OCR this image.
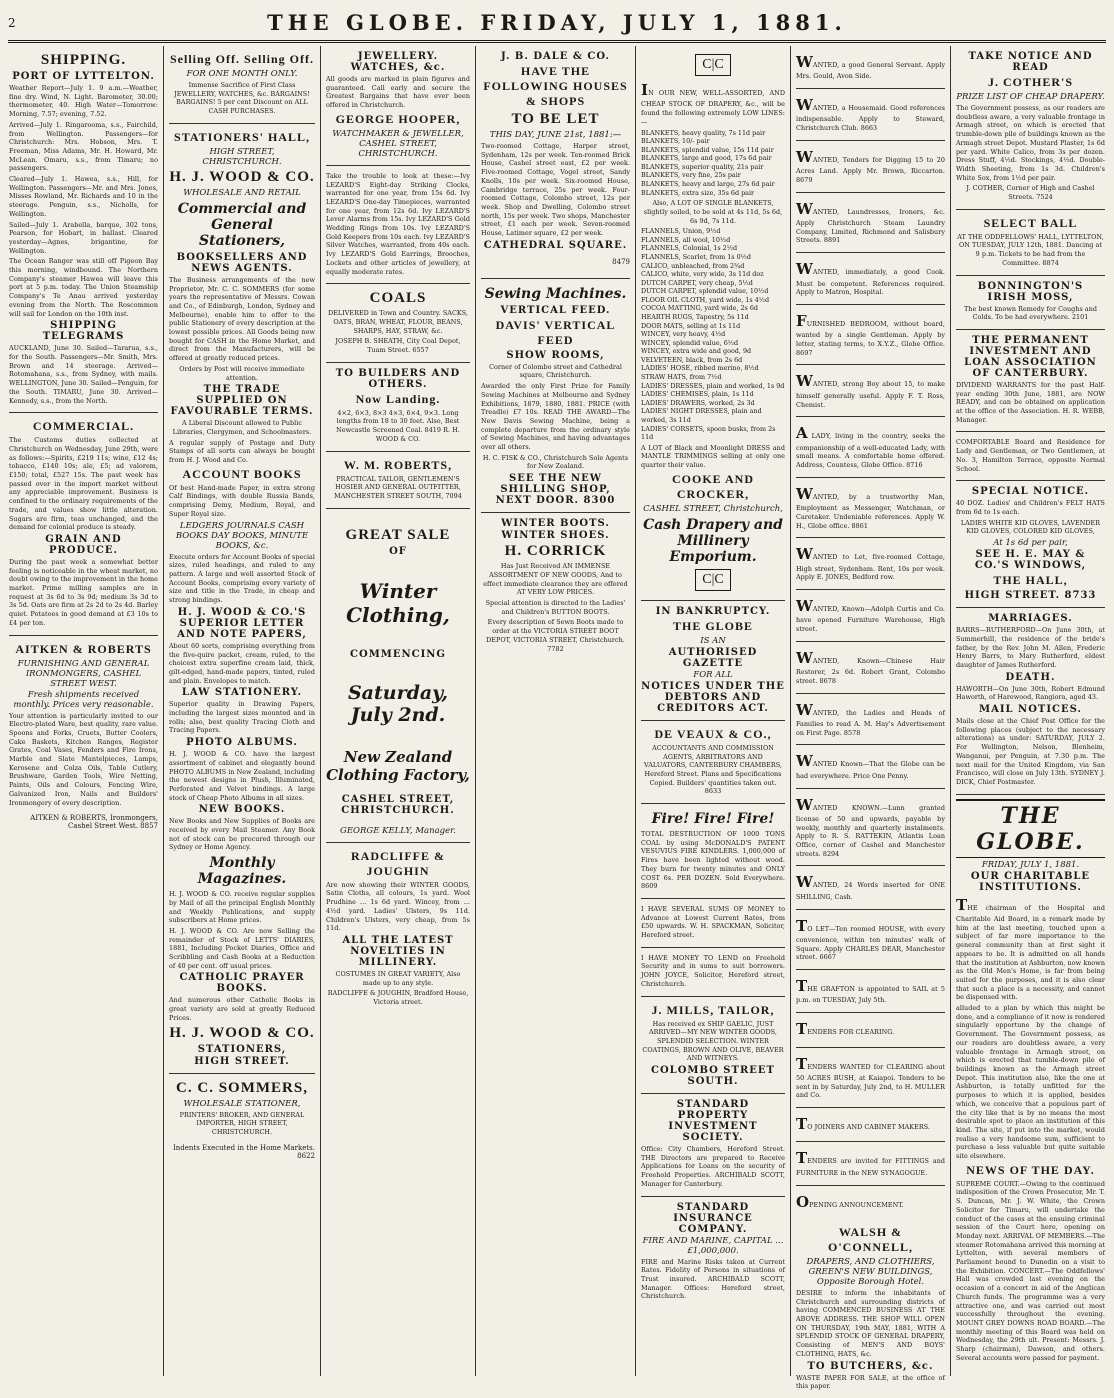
2	THE GLOBE. FRIDAY, JULY 1, 1881.
SHIPPING.
PORT OF LYTTELTON.

Weather Report—July 1. 9 a.m.—Weather, fine dry. Wind, N. Light. Barometer, 30.00; thermometer, 40. High Water—Tomorrow: Morning, 7.57; evening, 7.52.

Arrived—July 1. Ringarooma, s.s., Fairchild, from Wellington. Passengers—for Christchurch: Mrs. Hobson, Mrs. T. Freeman, Miss Adams, Mr. H. Howard, Mr. McLean. Omaru, s.s., from Timaru; no passengers.

Cleared—July 1. Hawea, s.s., Hill, for Wellington. Passengers—Mr. and Mrs. Jones, Misses Rowland, Mr. Richards and 10 in the steerage. Penguin, s.s., Nicholls, for Wellington.

Sailed—July 1. Arabella, barque, 302 tons, Pearson, for Hobart, in ballast. Cleared yesterday—Agnes, brigantine, for Wellington.

The Ocean Ranger was still off Pigeon Bay this morning, windbound. The Northern Company's steamer Hawea will leave this port at 5 p.m. today. The Union Steamship Company's Te Anau arrived yesterday evening from the North. The Roscommon will sail for London on the 10th inst.

SHIPPING TELEGRAMS

AUCKLAND, June 30. Sailed—Tararua, s.s., for the South. Passengers—Mr. Smith, Mrs. Brown and 14 steerage. Arrived—Rotomahana, s.s., from Sydney, with mails. WELLINGTON, June 30. Sailed—Penguin, for the South. TIMARU, June 30. Arrived—Kennedy, s.s., from the North.

COMMERCIAL.

The Customs duties collected at Christchurch on Wednesday, June 29th, were as follows:—Spirits, £219 11s; wine, £12 4s; tobacco, £140 10s; ale, £5; ad valorem, £150; total, £527 15s. The past week has passed over in the import market without any appreciable improvement. Business is confined to the ordinary requirements of the trade, and values show little alteration. Sugars are firm, teas unchanged, and the demand for colonial produce is steady.

GRAIN AND PRODUCE.

During the past week a somewhat better feeling is noticeable in the wheat market, no doubt owing to the improvement in the home market. Prime milling samples are in request at 3s 6d to 3s 9d; medium 3s 3d to 3s 5d. Oats are firm at 2s 2d to 2s 4d. Barley quiet. Potatoes in good demand at £3 10s to £4 per ton.

AITKEN & ROBERTS
FURNISHING AND GENERAL IRONMONGERS, CASHEL STREET WEST.
Fresh shipments received monthly. Prices very reasonable.

Your attention is particularly invited to our Electro-plated Ware, best quality, rare value. Spoons and Forks, Cruets, Butter Coolers, Cake Baskets, Kitchen Ranges, Register Grates, Coal Vases, Fenders and Fire Irons, Marble and Slate Mantelpieces, Lamps, Kerosene and Colza Oils, Table Cutlery, Brushware, Garden Tools, Wire Netting, Paints, Oils and Colours, Fencing Wire, Galvanized Iron, Nails and Builders' Ironmongery of every description.

AITKEN & ROBERTS, Ironmongers, Cashel Street West. 8857

Selling Off. Selling Off.
FOR ONE MONTH ONLY.

Immense Sacrifice of First Class JEWELLERY, WATCHES, &c. BARGAINS! BARGAINS! 5 per cent Discount on ALL CASH PURCHASES.

STATIONERS' HALL,
HIGH STREET, CHRISTCHURCH.
H. J. WOOD & CO.
WHOLESALE AND RETAIL
Commercial and General Stationers,
BOOKSELLERS AND NEWS AGENTS.

The Business arrangements of the new Proprietor, Mr. C. C. SOMMERS (for some years the representative of Messrs. Cowan and Co., of Edinburgh, London, Sydney and Melbourne), enable him to offer to the public Stationery of every description at the lowest possible prices. All Goods being now bought for CASH in the Home Market, and direct from the Manufacturers, will be offered at greatly reduced prices.

Orders by Post will receive immediate attention.

THE TRADE SUPPLIED ON FAVOURABLE TERMS.

A Liberal Discount allowed to Public Libraries, Clergymen, and Schoolmasters.

A regular supply of Postage and Duty Stamps of all sorts can always be bought from H. J. Wood and Co.

ACCOUNT BOOKS

Of best Hand-made Paper, in extra strong Calf Bindings, with double Russia Bands, comprising Demy, Medium, Royal, and Super Royal size.

LEDGERS JOURNALS CASH BOOKS DAY BOOKS, MINUTE BOOKS, &c.

Execute orders for Account Books of special sizes, ruled headings, and ruled to any pattern. A large and well assorted Stock of Account Books, comprising every variety of size and title in the Trade, in cheap and strong bindings.

H. J. WOOD & CO.'S SUPERIOR LETTER AND NOTE PAPERS,

About 60 sorts, comprising everything from the five-quire packet, cream, ruled, to the choicest extra superfine cream laid, thick, gilt-edged, hand-made papers, tinted, ruled and plain. Envelopes to match.

LAW STATIONERY.

Superior quality in Drawing Papers, including the largest sizes mounted and in rolls; also, best quality Tracing Cloth and Tracing Papers.

PHOTO ALBUMS.

H. J. WOOD & CO. have the largest assortment of cabinet and elegantly bound PHOTO ALBUMS in New Zealand, including the newest designs in Plush, Illuminated, Perforated and Velvet bindings. A large stock of Cheap Photo Albums in all sizes.

NEW BOOKS.

New Books and New Supplies of Books are received by every Mail Steamer. Any Book not of stock can be procured through our Sydney or Home Agency.

Monthly Magazines.

H. J. WOOD & CO. receive regular supplies by Mail of all the principal English Monthly and Weekly Publications, and supply subscribers at Home prices.

H. J. WOOD & CO. Are now Selling the remainder of Stock of LETTS' DIARIES, 1881, Including Pocket Diaries, Office and Scribbling and Cash Books at a Reduction of 40 per cent. off usual prices.

CATHOLIC PRAYER BOOKS.

And numerous other Catholic Books in great variety are sold at greatly Reduced Prices.

H. J. WOOD & CO.
STATIONERS,
HIGH STREET.
C. C. SOMMERS,
WHOLESALE STATIONER,

PRINTERS' BROKER, AND GENERAL IMPORTER, HIGH STREET, CHRISTCHURCH.

Indents Executed in the Home Markets. 8622

JEWELLERY. WATCHES, &c.

All goods are marked in plain figures and guaranteed. Call early and secure the Greatest Bargains that have ever been offered in Christchurch.

GEORGE HOOPER,
WATCHMAKER & JEWELLER, CASHEL STREET, CHRISTCHURCH.

Take the trouble to look at these:—Ivy LEZARD'S Eight-day Striking Clocks, warranted for one year, from 15s 6d. Ivy LEZARD'S One-day Timepieces, warranted for one year, from 12s 6d. Ivy LEZARD'S Lever Alarms from 15s. Ivy LEZARD'S Gold Wedding Rings from 10s. Ivy LEZARD'S Gold Keepers from 10s each. Ivy LEZARD'S Silver Watches, warranted, from 40s each. Ivy LEZARD'S Gold Earrings, Brooches, Lockets and other articles of jewellery, at equally moderate rates.

COALS

DELIVERED in Town and Country. SACKS, OATS, BRAN, WHEAT, FLOUR, BEANS, SHARPS, HAY, STRAW, &c.

JOSEPH B. SHEATH, City Coal Depot, Tuam Street. 6557

TO BUILDERS AND OTHERS.
Now Landing.

4×2, 6×3, 8×3 4×3, 6×4, 9×3. Long lengths from 18 to 30 feet. Also, Best Newcastle Screened Coal. 8419 R. H. WOOD & CO.

W. M. ROBERTS,

PRACTICAL TAILOR, GENTLEMEN'S HOSIER AND GENERAL OUTFITTER, MANCHESTER STREET SOUTH, 7094

GREAT SALE
OF
Winter Clothing,
COMMENCING
Saturday, July 2nd.
New Zealand Clothing Factory,
CASHEL STREET, CHRISTCHURCH.
GEORGE KELLY, Manager.
RADCLIFFE & JOUGHIN

Are now showing their WINTER GOODS, Satin Cloths, all colours, 1s yard. Wool Prudhine ... 1s 6d yard. Wincey, from ... 4½d yard. Ladies' Ulsters, 9s 11d. Children's Ulsters, very cheap, from 5s 11d.

ALL THE LATEST NOVELTIES IN MILLINERY.

COSTUMES IN GREAT VARIETY, Also made up to any style.

RADCLIFFE & JOUGHIN, Bradford House, Victoria street.

J. B. DALE & CO.
HAVE THE FOLLOWING HOUSES & SHOPS
TO BE LET
THIS DAY, JUNE 21st, 1881:—

Two-roomed Cottage, Harper street, Sydenham, 12s per week. Ten-roomed Brick House, Cashel street east, £2 per week. Five-roomed Cottage, Vogel street, Sandy Knolls, 10s per week. Six-roomed House, Cambridge terrace, 25s per week. Four-roomed Cottage, Colombo street, 12s per week. Shop and Dwelling, Colombo street north, 15s per week. Two shops, Manchester street, £1 each per week. Seven-roomed House, Latimer square, £2 per week.

CATHEDRAL SQUARE.

8479

Sewing Machines.
VERTICAL FEED.
DAVIS' VERTICAL FEED
SHOW ROOMS,

Corner of Colombo street and Cathedral square, Christchurch.

Awarded the only First Prize for Family Sewing Machines at Melbourne and Sydney Exhibitions, 1879, 1880, 1881. PRICE (with Treadle) £7 10s. READ THE AWARD—The New Davis Sewing Machine, being a complete departure from the ordinary style of Sewing Machines, and having advantages over all others.

H. C. FISK & CO., Christchurch Sole Agents for New Zealand.

SEE THE NEW SHILLING SHOP, NEXT DOOR. 8300
WINTER BOOTS.
WINTER SHOES.
H. CORRICK

Has Just Received AN IMMENSE ASSORTMENT OF NEW GOODS, And to effect immediate clearance they are offered AT VERY LOW PRICES.

Special attention is directed to the Ladies' and Children's BUTTON BOOTS.

Every description of Sewn Boots made to order at the VICTORIA STREET BOOT DEPOT, VICTORIA STREET, Christchurch. 7782

C|C

IN OUR NEW, WELL-ASSORTED, AND CHEAP STOCK OF DRAPERY, &c., will be found the following extremely LOW LINES:—

BLANKETS, heavy quality, 7s 11d pair
BLANKETS, 10/- pair
BLANKETS, splendid value, 15s 11d pair
BLANKETS, large and good, 17s 6d pair
BLANKETS, superior quality, 21s pair
BLANKETS, very fine, 25s pair
BLANKETS, heavy and large, 27s 6d pair
BLANKETS, extra size, 35s 6d pair

Also, A LOT OF SINGLE BLANKETS, slightly soiled, to be sold at 4s 11d, 5s 6d, 6s 9d, 7s 11d.

FLANNELS, Union, 9½d
FLANNELS, all wool, 10½d
FLANNELS, Colonial, 1s 2½d
FLANNELS, Scarlet, from 1s 0½d
CALICO, unbleached, from 2¾d
CALICO, white, very wide, 3s 11d doz
DUTCH CARPET, very cheap, 5½d
DUTCH CARPET, splendid value, 10½d
FLOOR OIL CLOTH, yard wide, 1s 4½d
COCOA MATTING, yard wide, 2s 6d
HEARTH RUGS, Tapestry, 5s 11d
DOOR MATS, selling at 1s 11d
WINCEY, very heavy, 4½d
WINCEY, splendid value, 6½d
WINCEY, extra wide and good, 9d
VELVETEEN, black, from 2s 6d
LADIES' HOSE, ribbed merino, 8½d
STRAW HATS, from 7½d
LADIES' DRESSES, plain and worked, 1s 9d
LADIES' CHEMISES, plain, 1s 11d
LADIES' DRAWERS, worked, 2s 3d
LADIES' NIGHT DRESSES, plain and worked, 3s 11d
LADIES' CORSETS, spoon busks, from 2s 11d

A LOT of Black and Moonlight DRESS and MANTLE TRIMMINGS selling at only one quarter their value.

COOKE AND CROCKER,
CASHEL STREET, Christchurch,
Cash Drapery and Millinery Emporium.
C|C
IN BANKRUPTCY.
THE GLOBE
IS AN
AUTHORISED GAZETTE
FOR ALL
NOTICES UNDER THE DEBTORS AND CREDITORS ACT.
DE VEAUX & CO.,

ACCOUNTANTS AND COMMISSION AGENTS, ARBITRATORS AND VALUATORS, CANTERBURY CHAMBERS, Hereford Street. Plans and Specifications Copied. Builders' quantities taken out. 8633

Fire! Fire! Fire!

TOTAL DESTRUCTION OF 1000 TONS COAL by using McDONALD'S PATENT VESUVIUS FIRE KINDLERS. 1,000,000 of Fires have been lighted without wood. They burn for twenty minutes and ONLY COST 6s. PER DOZEN. Sold Everywhere. 8609

I HAVE SEVERAL SUMS OF MONEY to Advance at Lowest Current Rates, from £50 upwards. W. H. SPACKMAN, Solicitor, Hereford street.

I HAVE MONEY TO LEND on Freehold Security and in sums to suit borrowers. JOHN JOYCE, Solicitor, Hereford street, Christchurch.

J. MILLS, TAILOR,

Has received ex SHIP GAELIC, JUST ARRIVED—MY NEW WINTER GOODS, SPLENDID SELECTION. WINTER COATINGS, BROWN AND OLIVE, BEAVER AND WITNEYS.

COLOMBO STREET SOUTH.
STANDARD PROPERTY INVESTMENT SOCIETY.

Office: City Chambers, Hereford Street. THE Directors are prepared to Receive Applications for Loans on the security of Freehold Properties. ARCHIBALD SCOTT, Manager for Canterbury.

STANDARD INSURANCE COMPANY.
FIRE AND MARINE, CAPITAL ... £1,000,000.

FIRE and Marine Risks taken at Current Rates. Fidelity of Persons in situations of Trust insured. ARCHIBALD SCOTT, Manager. Offices: Hereford street, Christchurch.

WANTED, a good General Servant. Apply Mrs. Gould, Avon Side.

WANTED, a Housemaid. Good references indispensable. Apply to Steward, Christchurch Club. 8663

WANTED, Tenders for Digging 15 to 20 Acres Land. Apply Mr. Brown, Riccarton. 8679

WANTED, Laundresses, Ironers, &c. Apply Christchurch Steam Laundry Company, Limited, Richmond and Salisbury Streets. 8891

WANTED, immediately, a good Cook. Must be competent. References required. Apply to Matron, Hospital.

FURNISHED BEDROOM, without board, wanted by a single Gentleman. Apply by letter, stating terms, to X.Y.Z., Globe Office. 8697

WANTED, strong Boy about 15, to make himself generally useful. Apply F. T. Ross, Chemist.

A LADY, living in the country, seeks the companionship of a well-educated Lady, with small means. A comfortable home offered. Address, Countess, Globe Office. 8716

WANTED, by a trustworthy Man, Employment as Messenger, Watchman, or Caretaker. Undeniable references. Apply W. H., Globe office. 8861

WANTED to Let, five-roomed Cottage, High street, Sydenham. Rent, 10s per week. Apply E. JONES, Bedford row.

WANTED, Known—Adolph Curtis and Co. have opened Furniture Warehouse, High street.

WANTED, Known—Chinese Hair Restorer, 2s 6d. Robert Grant, Colombo street. 8678

WANTED, the Ladies and Heads of Families to read A. M. Hay's Advertisement on First Page. 8578

WANTED Known—That the Globe can be had everywhere. Price One Penny.

WANTED KNOWN.—Lunn granted license of 50 and upwards, payable by weekly, monthly and quarterly instalments. Apply to R. S. RATTEKIN, Atlantis Loan Office, corner of Cashel and Manchester streets. 8294

WANTED, 24 Words inserted for ONE SHILLING, Cash.

TO LET—Ten roomed HOUSE, with every convenience, within ten minutes' walk of Square. Apply CHARLES DEAR, Manchester street. 6667

THE GRAFTON is appointed to SAIL at 5 p.m. on TUESDAY, July 5th.

TENDERS FOR CLEARING.

TENDERS WANTED for CLEARING about 50 ACRES BUSH, at Kaiapoi. Tenders to be sent in by Saturday, July 2nd, to H. MULLER and Co.

TO JOINERS AND CABINET MAKERS.

TENDERS are invited for FITTINGS and FURNITURE in the NEW SYNAGOGUE.

OPENING ANNOUNCEMENT.

WALSH & O'CONNELL,
DRAPERS, AND CLOTHIERS, GREEN'S NEW BUILDINGS, Opposite Borough Hotel.

DESIRE to inform the inhabitants of Christchurch and surrounding districts of having COMMENCED BUSINESS AT THE ABOVE ADDRESS. THE SHOP WILL OPEN ON THURSDAY, 19th MAY, 1881, WITH A SPLENDID STOCK OF GENERAL DRAPERY, Consisting of MEN'S AND BOYS' CLOTHING, HATS, &c.

TO BUTCHERS, &c.

WASTE PAPER FOR SALE, at the office of this paper.

TAKE NOTICE AND READ
J. COTHER'S
PRIZE LIST OF CHEAP DRAPERY.

The Government possess, as our readers are doubtless aware, a very valuable frontage in Armagh street, on which is erected that trumble-down pile of buildings known as the Armagh street Depot. Mustard Plaster, 1s 6d per yard. White Calico, from 3s per dozen. Dress Stuff, 4½d. Stockings, 4½d. Double-Width Sheeting, from 1s 3d. Children's White Sox, from 1½d per pair.

J. COTHER, Corner of High and Cashel Streets. 7524

SELECT BALL

AT THE ODDFELLOWS' HALL, LYTTELTON, ON TUESDAY, JULY 12th, 1881. Dancing at 9 p.m. Tickets to be had from the Committee. 8874

BONNINGTON'S IRISH MOSS,

The best known Remedy for Coughs and Colds. To be had everywhere. 2101

THE PERMANENT INVESTMENT AND LOAN ASSOCIATION OF CANTERBURY.

DIVIDEND WARRANTS for the past Half-year ending 30th June, 1881, are NOW READY, and can be obtained on application at the office of the Association. H. R. WEBB, Manager.

COMFORTABLE Board and Residence for Lady and Gentleman, or Two Gentlemen, at No. 3, Hamilton Terrace, opposite Normal School.

SPECIAL NOTICE.

40 DOZ. Ladies' and Children's FELT HATS from 6d to 1s each.

LADIES WHITE KID GLOVES, LAVENDER KID GLOVES, COLORED KID GLOVES,

At 1s 6d per pair,
SEE H. E. MAY & CO.'S WINDOWS,
THE HALL,
HIGH STREET. 8733
MARRIAGES.

BARRS—RUTHERFORD—On June 30th, at Summerhill, the residence of the bride's father, by the Rev. John M. Allen, Frederic Henry Barrs, to Mary Rutherford, eldest daughter of James Rutherford.

DEATH.

HAWORTH—On June 30th, Robert Edmund Haworth, of Harewood, Rangiora, aged 43.

MAIL NOTICES.

Mails close at the Chief Post Office for the following places (subject to the necessary alterations) as under: SATURDAY, JULY 2. For Wellington, Nelson, Blenheim, Wanganui, per Penguin, at 7.30 p.m. The next mail for the United Kingdom, via San Francisco, will close on July 13th. SYDNEY J. DICK, Chief Postmaster.

THE GLOBE.
FRIDAY, JULY 1, 1881.
OUR CHARITABLE INSTITUTIONS.

THE chairman of the Hospital and Charitable Aid Board, in a remark made by him at the last meeting, touched upon a subject of far more importance to the general community than at first sight it appears to be. It is admitted on all hands that the institution at Ashburton, now known as the Old Men's Home, is far from being suited for the purposes, and it is also clear that such a place is a necessity, and cannot be dispensed with.

alluded to a plan by which this might be done, and a compliance of it now is rendered singularly opportune by the change of Government. The Government possess, as our readers are doubtless aware, a very valuable frontage in Armagh street, on which is erected that tumble-down pile of buildings known as the Armagh street Depot. This institution also, like the one at Ashburton, is totally unfitted for the purposes to which it is applied, besides which, we conceive that a populous part of the city like that is by no means the most desirable spot to place an institution of this kind. The site, if put into the market, would realise a very handsome sum, sufficient to purchase a less valuable but quite suitable site elsewhere.

NEWS OF THE DAY.

SUPREME COURT.—Owing to the continued indisposition of the Crown Prosecutor, Mr. T. S. Duncan, Mr. J. W. White, the Crown Solicitor for Timaru, will undertake the conduct of the cases at the ensuing criminal session of the Court here, opening on Monday next. ARRIVAL OF MEMBERS.—The steamer Rotomahana arrived this morning at Lyttelton, with several members of Parliament bound to Dunedin on a visit to the Exhibition. CONCERT.—The Oddfellows' Hall was crowded last evening on the occasion of a concert in aid of the Anglican Church funds. The programme was a very attractive one, and was carried out most successfully throughout the evening. MOUNT GREY DOWNS ROAD BOARD.—The monthly meeting of this Board was held on Wednesday, the 29th ult. Present: Messrs. J. Sharp (chairman), Dawson, and others. Several accounts were passed for payment.
